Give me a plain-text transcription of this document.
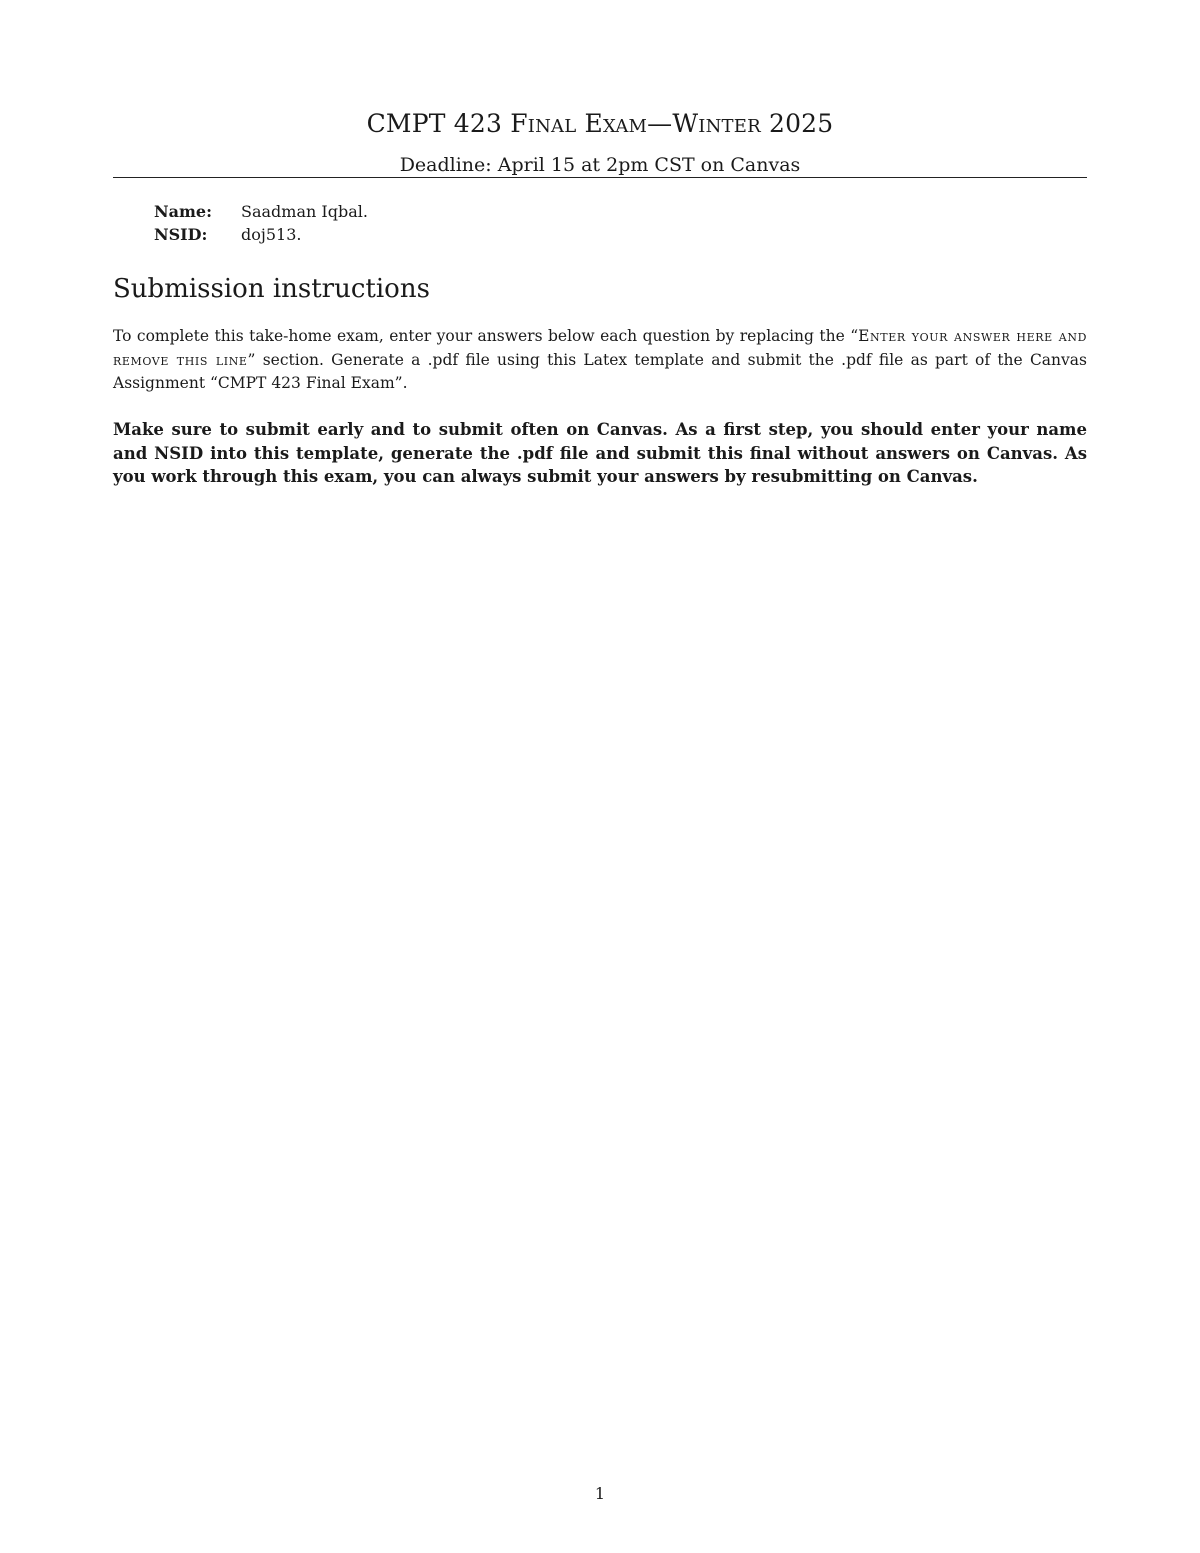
CMPT 423 Final Exam—Winter 2025
Deadline: April 15 at 2pm CST on Canvas
Name:	Saadman Iqbal.
NSID:	doj513.
Submission instructions
To complete this take-home exam, enter your answers below each question by replacing the “Enter your answer here and remove this line” section. Generate a .pdf file using this Latex template and submit the .pdf file as part of the Canvas Assignment “CMPT 423 Final Exam”.
Make sure to submit early and to submit often on Canvas. As a first step, you should enter your name and NSID into this template, generate the .pdf file and submit this final without answers on Canvas. As you work through this exam, you can always submit your answers by resubmitting on Canvas.
1
